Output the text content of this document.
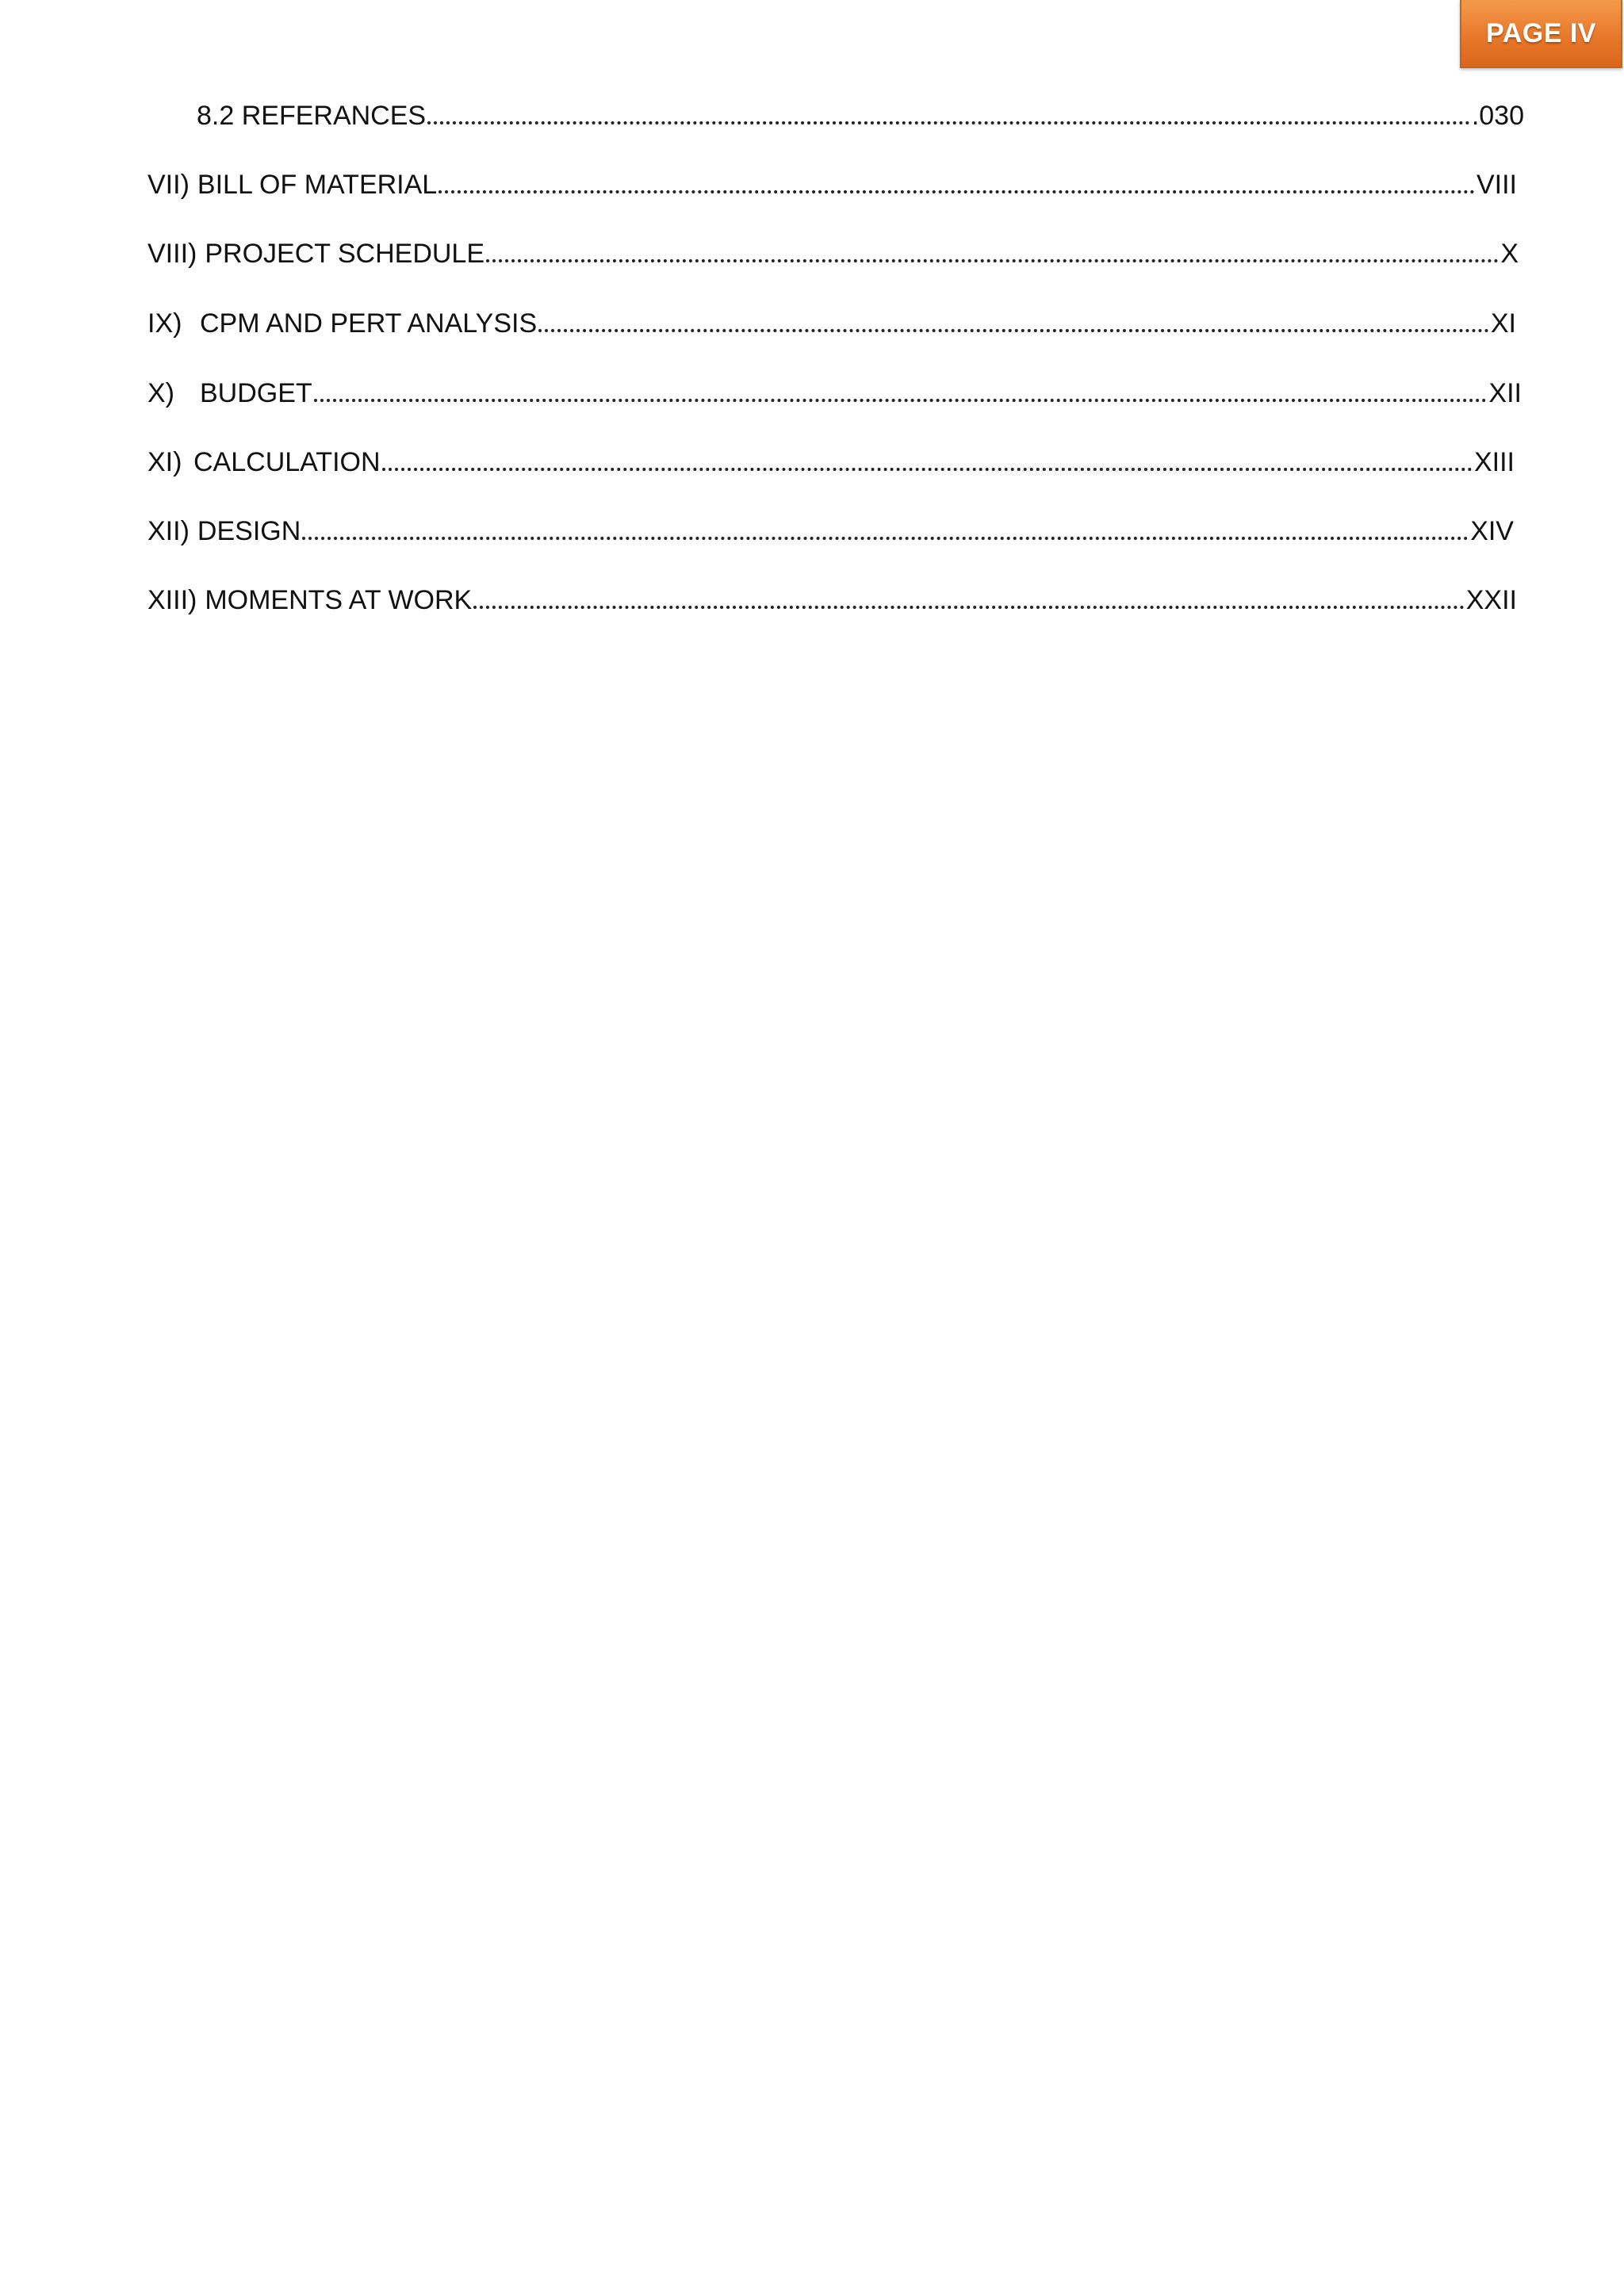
PAGE IV
8.2 REFERANCES	.030
VII) BILL OF MATERIAL	VIII
VIII) PROJECT SCHEDULE	X
IX) CPM AND PERT ANALYSIS	XI
X) BUDGET	XII
XI) CALCULATION	XIII
XII) DESIGN	XIV
XIII) MOMENTS AT WORK	XXII
